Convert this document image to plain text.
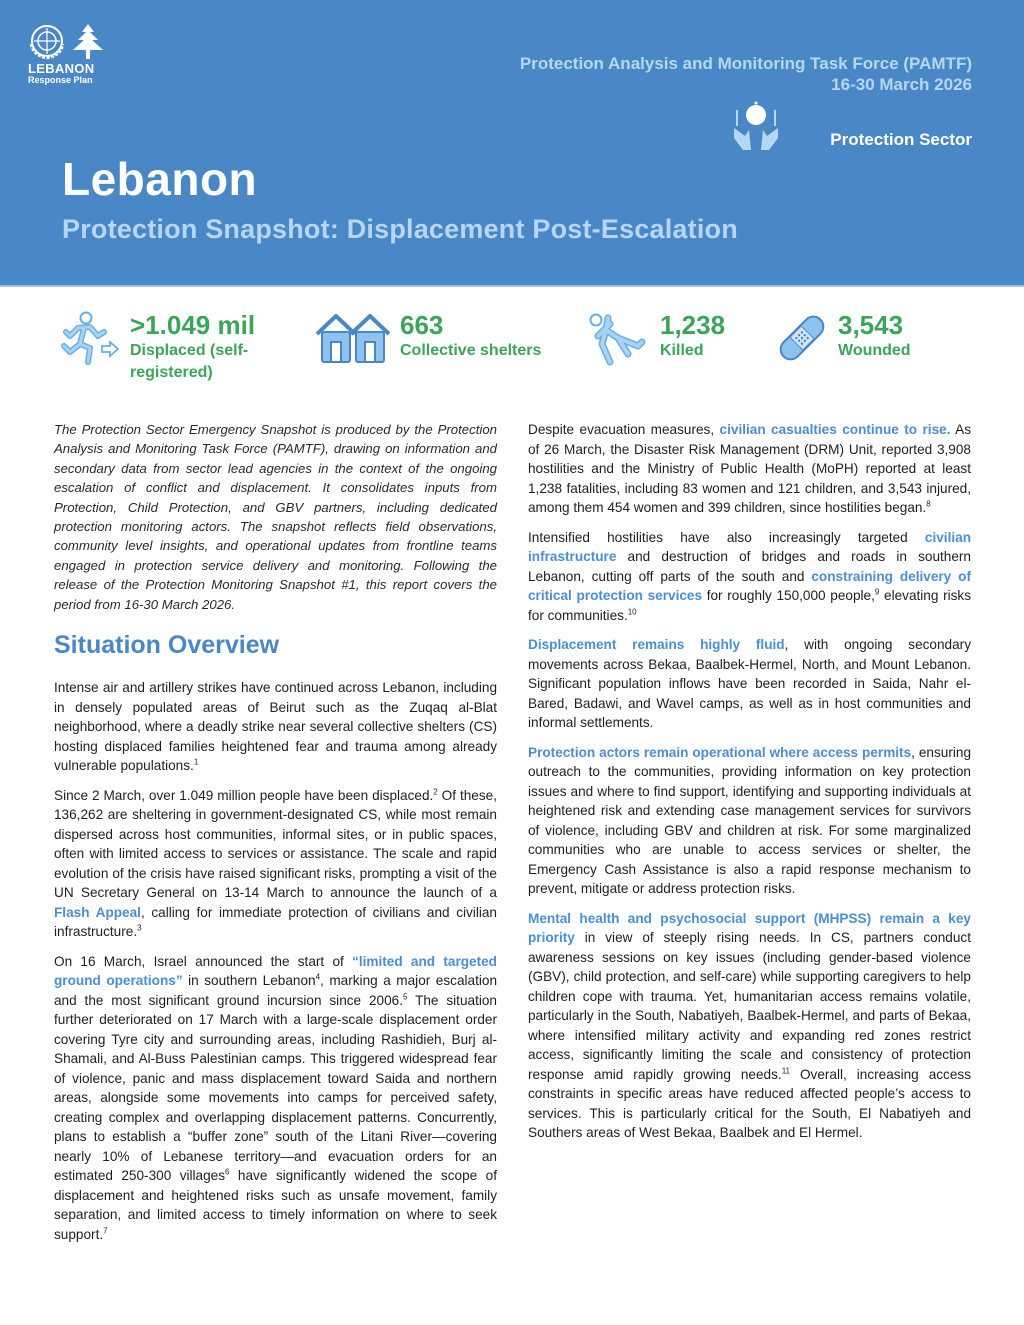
LEBANON
Response Plan
Protection Analysis and Monitoring Task Force (PAMTF)
16-30 March 2026
Protection Sector
Lebanon
Protection Snapshot: Displacement Post-Escalation
>1.049 mil
Displaced (self-
registered)
663
Collective shelters
1,238
Killed
3,543
Wounded

The Protection Sector Emergency Snapshot is produced by the Protection Analysis and Monitoring Task Force (PAMTF), drawing on information and secondary data from sector lead agencies in the context of the ongoing escalation of conflict and displacement. It consolidates inputs from Protection, Child Protection, and GBV partners, including dedicated protection monitoring actors. The snapshot reflects field observations, community level insights, and operational updates from frontline teams engaged in protection service delivery and monitoring. Following the release of the Protection Monitoring Snapshot #1, this report covers the period from 16-30 March 2026.

Situation Overview

Intense air and artillery strikes have continued across Lebanon, including in densely populated areas of Beirut such as the Zuqaq al-Blat neighborhood, where a deadly strike near several collective shelters (CS) hosting displaced families heightened fear and trauma among already vulnerable populations.$^1$

Since 2 March, over 1.049 million people have been displaced.$^2$ Of these, 136,262 are sheltering in government-designated CS, while most remain dispersed across host communities, informal sites, or in public spaces, often with limited access to services or assistance. The scale and rapid evolution of the crisis have raised significant risks, prompting a visit of the UN Secretary General on 13-14 March to announce the launch of a Flash Appeal, calling for immediate protection of civilians and civilian infrastructure.$^3$

On 16 March, Israel announced the start of “limited and targeted ground operations” in southern Lebanon$^4$, marking a major escalation and the most significant ground incursion since 2006.$^5$ The situation further deteriorated on 17 March with a large-scale displacement order covering Tyre city and surrounding areas, including Rashidieh, Burj al-Shamali, and Al-Buss Palestinian camps. This triggered widespread fear of violence, panic and mass displacement toward Saida and northern areas, alongside some movements into camps for perceived safety, creating complex and overlapping displacement patterns. Concurrently, plans to establish a “buffer zone” south of the Litani River—covering nearly 10% of Lebanese territory—and evacuation orders for an estimated 250-300 villages$^6$ have significantly widened the scope of displacement and heightened risks such as unsafe movement, family separation, and limited access to timely information on where to seek support.$^7$

Despite evacuation measures, civilian casualties continue to rise. As of 26 March, the Disaster Risk Management (DRM) Unit, reported 3,908 hostilities and the Ministry of Public Health (MoPH) reported at least 1,238 fatalities, including 83 women and 121 children, and 3,543 injured, among them 454 women and 399 children, since hostilities began.$^8$

Intensified hostilities have also increasingly targeted civilian infrastructure and destruction of bridges and roads in southern Lebanon, cutting off parts of the south and constraining delivery of critical protection services for roughly 150,000 people,$^9$ elevating risks for communities.$^{10}$

Displacement remains highly fluid, with ongoing secondary movements across Bekaa, Baalbek-Hermel, North, and Mount Lebanon. Significant population inflows have been recorded in Saida, Nahr el-Bared, Badawi, and Wavel camps, as well as in host communities and informal settlements.

Protection actors remain operational where access permits, ensuring outreach to the communities, providing information on key protection issues and where to find support, identifying and supporting individuals at heightened risk and extending case management services for survivors of violence, including GBV and children at risk. For some marginalized communities who are unable to access services or shelter, the Emergency Cash Assistance is also a rapid response mechanism to prevent, mitigate or address protection risks.

Mental health and psychosocial support (MHPSS) remain a key priority in view of steeply rising needs. In CS, partners conduct awareness sessions on key issues (including gender-based violence (GBV), child protection, and self-care) while supporting caregivers to help children cope with trauma. Yet, humanitarian access remains volatile, particularly in the South, Nabatiyeh, Baalbek-Hermel, and parts of Bekaa, where intensified military activity and expanding red zones restrict access, significantly limiting the scale and consistency of protection response amid rapidly growing needs.$^{11}$ Overall, increasing access constraints in specific areas have reduced affected people’s access to services. This is particularly critical for the South, El Nabatiyeh and Southers areas of West Bekaa, Baalbek and El Hermel.
